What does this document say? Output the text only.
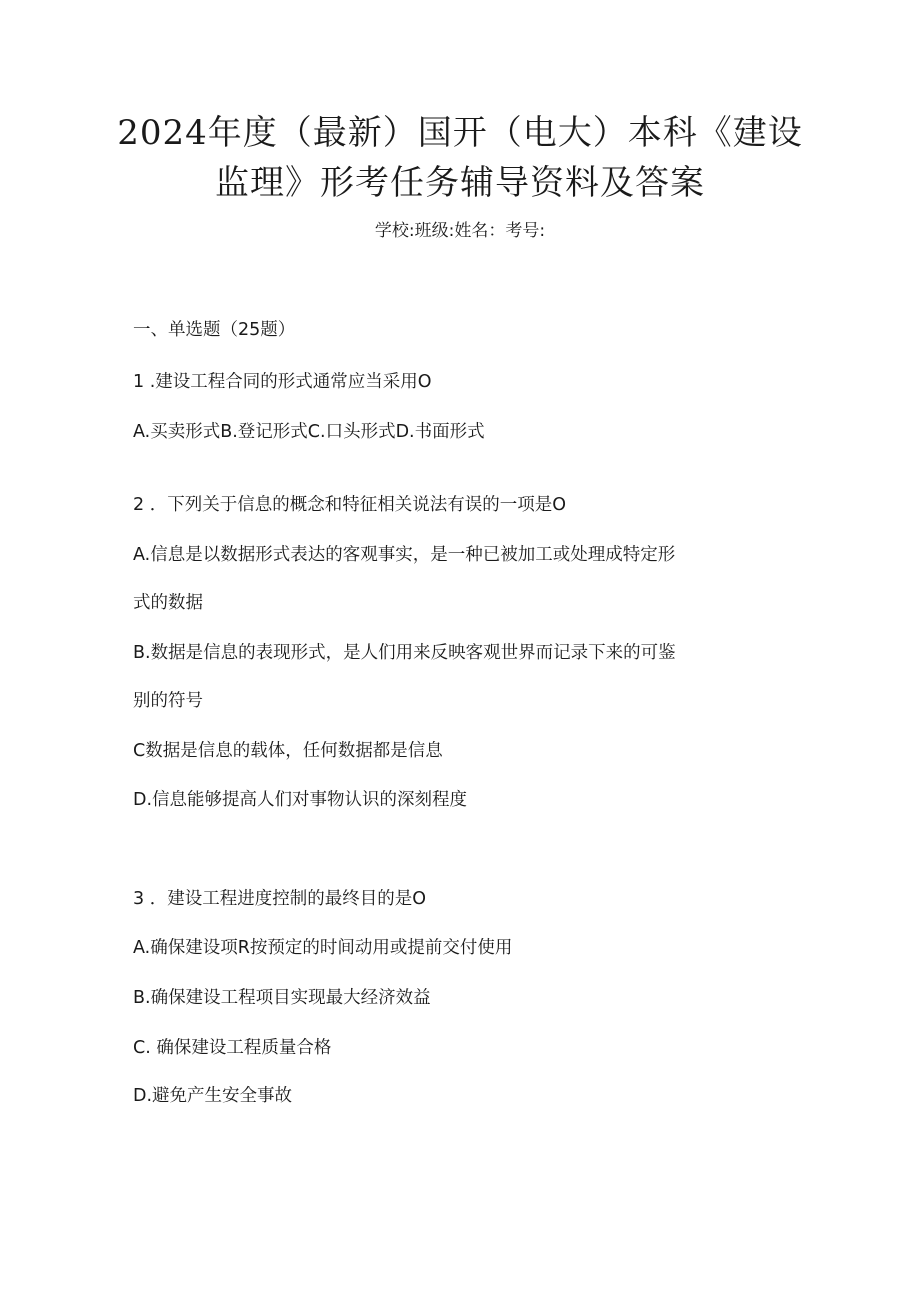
2024年度（最新）国开（电大）本科《建设
监理》形考任务辅导资料及答案
学校:班级:姓名：考号:
一、单选题（25题）
1 .建设工程合同的形式通常应当采用O
A.买卖形式B.登记形式C.口头形式D.书面形式
2 ．下列关于信息的概念和特征相关说法有误的一项是O
A.信息是以数据形式表达的客观事实，是一种已被加工或处理成特定形
式的数据
B.数据是信息的表现形式，是人们用来反映客观世界而记录下来的可鉴
别的符号
C数据是信息的载体，任何数据都是信息
D.信息能够提高人们对事物认识的深刻程度
3 ．建设工程进度控制的最终目的是O
A.确保建设项R按预定的时间动用或提前交付使用
B.确保建设工程项目实现最大经济效益
C. 确保建设工程质量合格
D.避免产生安全事故
